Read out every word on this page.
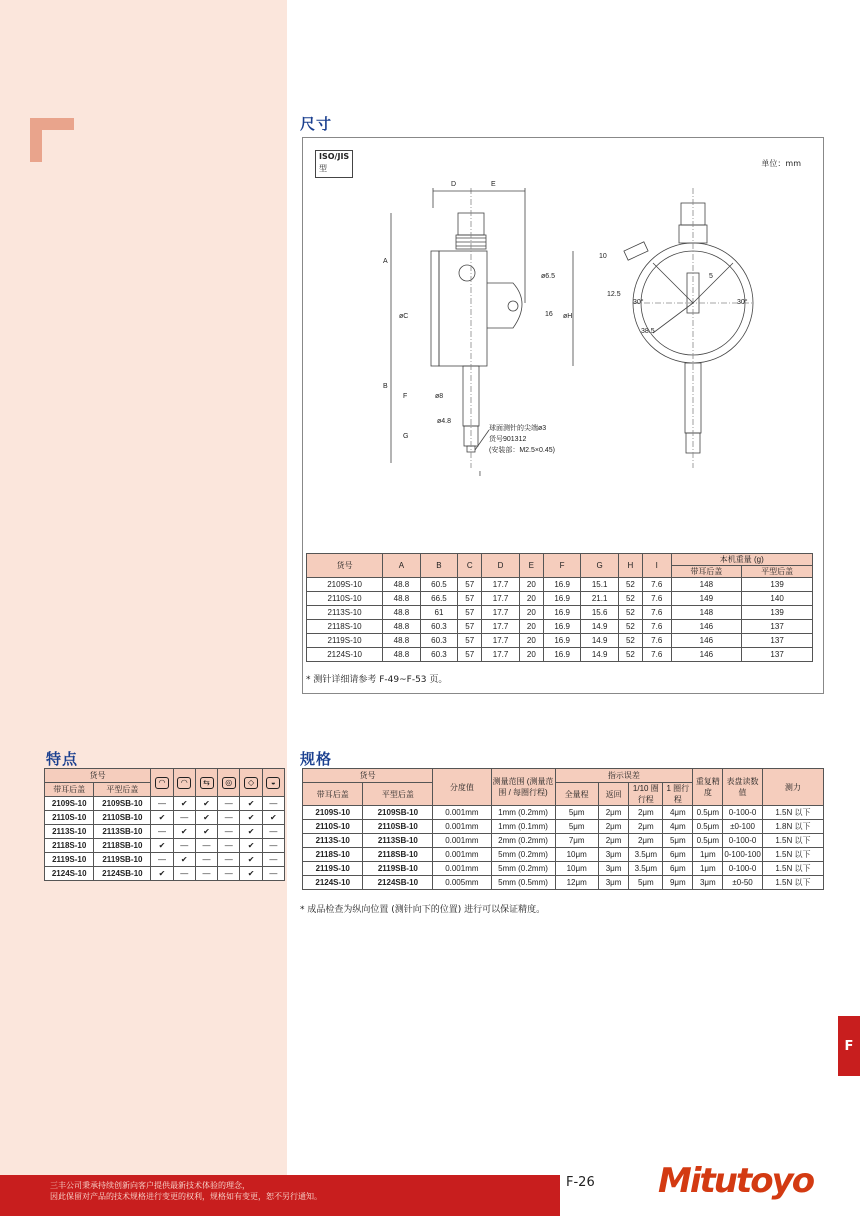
尺寸
ISO/JIS
型
单位：mm
D	E
A
B
øC
F
G
øH
ø6.5
16
ø8
ø4.8
I
球面测针的尖端ø3
货号901312
(安装部：M2.5×0.45)
10
12.5
30°	30°
5
38.5
货号	A	B	C	D	E	F	G	H	I	本机重量 (g)	
										带耳后盖	平型后盖
2109S-10	48.8	60.5	57	17.7	20	16.9	15.1	52	7.6	148	139
2110S-10	48.8	66.5	57	17.7	20	16.9	21.1	52	7.6	149	140
2113S-10	48.8	61	57	17.7	20	16.9	15.6	52	7.6	148	139
2118S-10	48.8	60.3	57	17.7	20	16.9	14.9	52	7.6	146	137
2119S-10	48.8	60.3	57	17.7	20	16.9	14.9	52	7.6	146	137
2124S-10	48.8	60.3	57	17.7	20	16.9	14.9	52	7.6	146	137
* 测针详细请参考 F-49~F-53 页。
特点
货号		◠	◠	⇆	◎	◇	◒
带耳后盖	平型后盖						
2109S-10	2109SB-10	—	✔	✔	—	✔	—
2110S-10	2110SB-10	✔	—	✔	—	✔	✔
2113S-10	2113SB-10	—	✔	✔	—	✔	—
2118S-10	2118SB-10	✔	—	—	—	✔	—
2119S-10	2119SB-10	—	✔	—	—	✔	—
2124S-10	2124SB-10	✔	—	—	—	✔	—
规格
货号		分度值	测量范围 (测量范围 / 每圈行程)	指示误差				重复精度	表盘读数值	测力
带耳后盖	平型后盖			全量程	返回	1/10 圈行程	1 圈行程			
2109S-10	2109SB-10	0.001mm	1mm (0.2mm)	5μm	2μm	2μm	4μm	0.5μm	0-100-0	1.5N 以下
2110S-10	2110SB-10	0.001mm	1mm (0.1mm)	5μm	2μm	2μm	4μm	0.5μm	±0-100	1.8N 以下
2113S-10	2113SB-10	0.001mm	2mm (0.2mm)	7μm	2μm	2μm	5μm	0.5μm	0-100-0	1.5N 以下
2118S-10	2118SB-10	0.001mm	5mm (0.2mm)	10μm	3μm	3.5μm	6μm	1μm	0-100-100	1.5N 以下
2119S-10	2119SB-10	0.001mm	5mm (0.2mm)	10μm	3μm	3.5μm	6μm	1μm	0-100-0	1.5N 以下
2124S-10	2124SB-10	0.005mm	5mm (0.5mm)	12μm	3μm	5μm	9μm	3μm	±0-50	1.5N 以下
* 成品检查为纵向位置 (测针向下的位置) 进行可以保证精度。
F
三丰公司秉承持续创新向客户提供最新技术体验的理念，
因此保留对产品的技术规格进行变更的权利，规格如有变更，恕不另行通知。
F-26 Mitutoyo
